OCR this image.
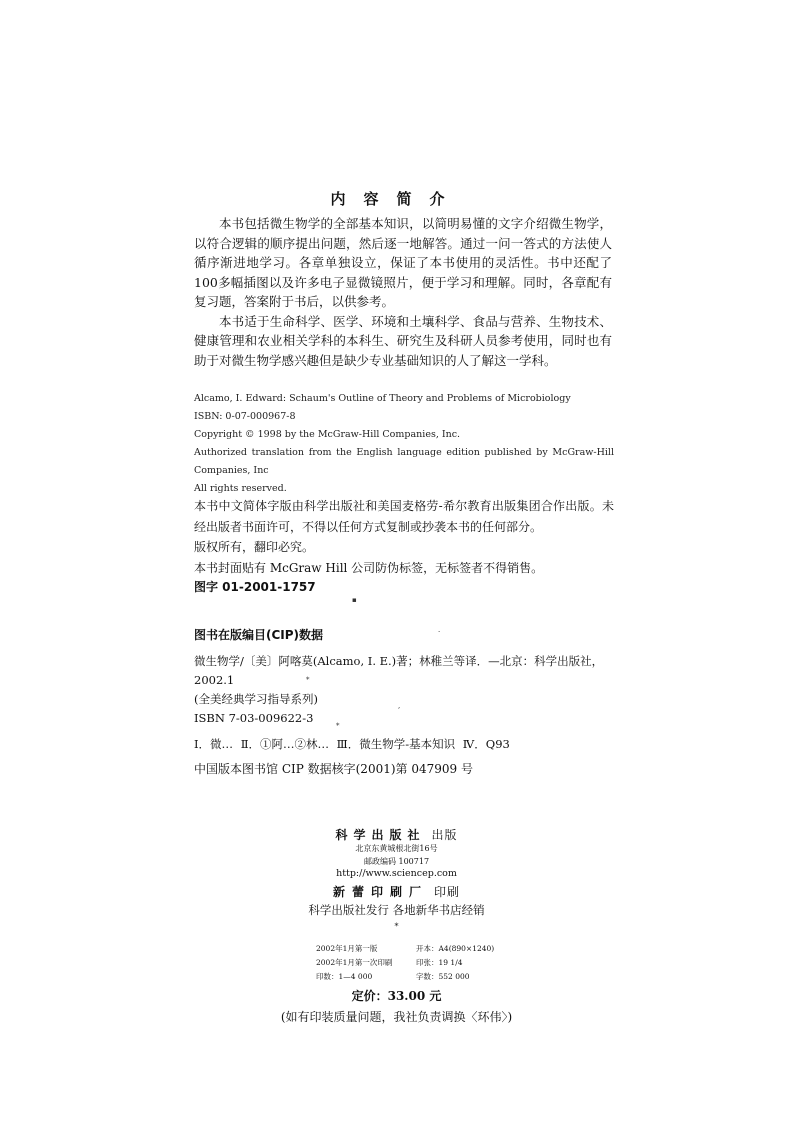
内容简介

本书包括微生物学的全部基本知识，以简明易懂的文字介绍微生物学，以符合逻辑的顺序提出问题，然后逐一地解答。通过一问一答式的方法使人循序渐进地学习。各章单独设立，保证了本书使用的灵活性。书中还配了100多幅插图以及许多电子显微镜照片，便于学习和理解。同时，各章配有复习题，答案附于书后，以供参考。

本书适于生命科学、医学、环境和土壤科学、食品与营养、生物技术、健康管理和农业相关学科的本科生、研究生及科研人员参考使用，同时也有助于对微生物学感兴趣但是缺少专业基础知识的人了解这一学科。

Alcamo, I. Edward: Schaum's Outline of Theory and Problems of Microbiology
ISBN: 0-07-000967-8
Copyright © 1998 by the McGraw-Hill Companies, Inc.
Authorized translation from the English language edition published by McGraw-Hill Companies, Inc
All rights reserved.
本书中文简体字版由科学出版社和美国麦格劳-希尔教育出版集团合作出版。未经出版者书面许可，不得以任何方式复制或抄袭本书的任何部分。
版权所有，翻印必究。
本书封面贴有 McGraw Hill 公司防伪标签，无标签者不得销售。
图字 01-2001-1757
图书在版编目(CIP)数据
微生物学/〔美〕阿喀莫(Alcamo, I. E.)著；林稚兰等译．—北京：科学出版社，
2002.1
(全美经典学习指导系列)
ISBN 7-03-009622-3
Ⅰ．微… Ⅱ．①阿…②林… Ⅲ．微生物学-基本知识 Ⅳ．Q93
中国版本图书馆 CIP 数据核字(2001)第 047909 号
科学出版社 出版
北京东黄城根北街16号
邮政编码 100717
http://www.sciencep.com
新蕾印刷厂 印刷
科学出版社发行 各地新华书店经销
*
2002年1月第一版	开本：A4(890×1240)
2002年1月第一次印刷	印张：19 1/4
印数：1—4 000	字数：552 000
定价：33.00 元
(如有印装质量问题，我社负责调换〈环伟〉)
▪
·
*
,
*
